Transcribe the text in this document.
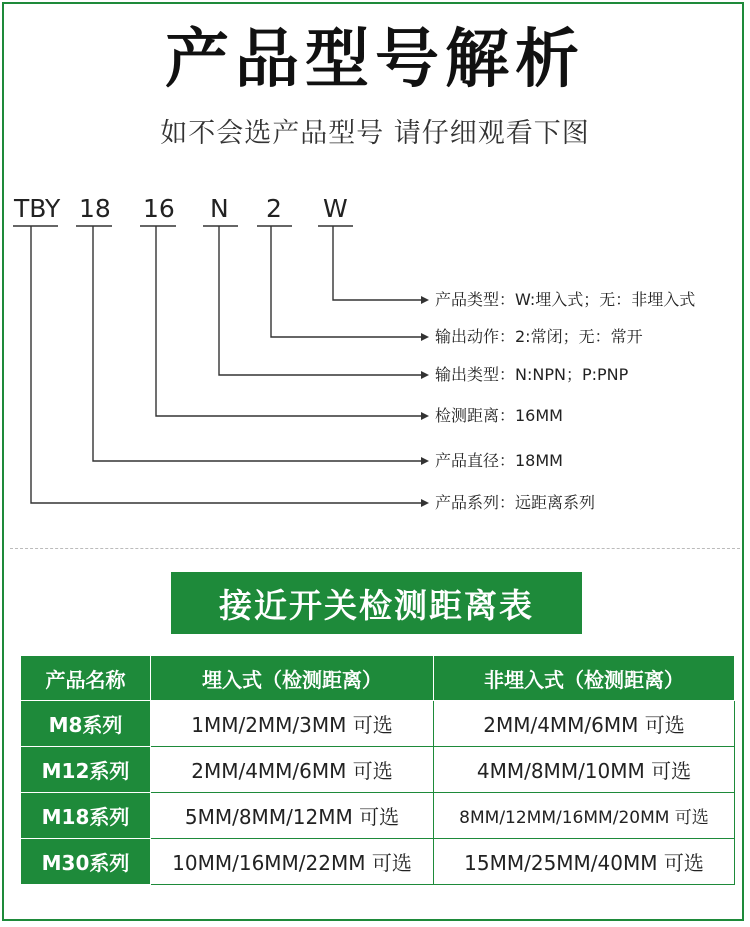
产品型号解析
如不会选产品型号 请仔细观看下图
TBY 18 16 N 2 W
产品类型：W:埋入式；无：非埋入式
输出动作：2:常闭；无：常开
输出类型：N:NPN；P:PNP
检测距离：16MM
产品直径：18MM
产品系列：远距离系列
接近开关检测距离表
产品名称	埋入式（检测距离）	非埋入式（检测距离）
M8系列	1MM/2MM/3MM 可选	2MM/4MM/6MM 可选
M12系列	2MM/4MM/6MM 可选	4MM/8MM/10MM 可选
M18系列	5MM/8MM/12MM 可选	8MM/12MM/16MM/20MM 可选
M30系列	10MM/16MM/22MM 可选	15MM/25MM/40MM 可选
